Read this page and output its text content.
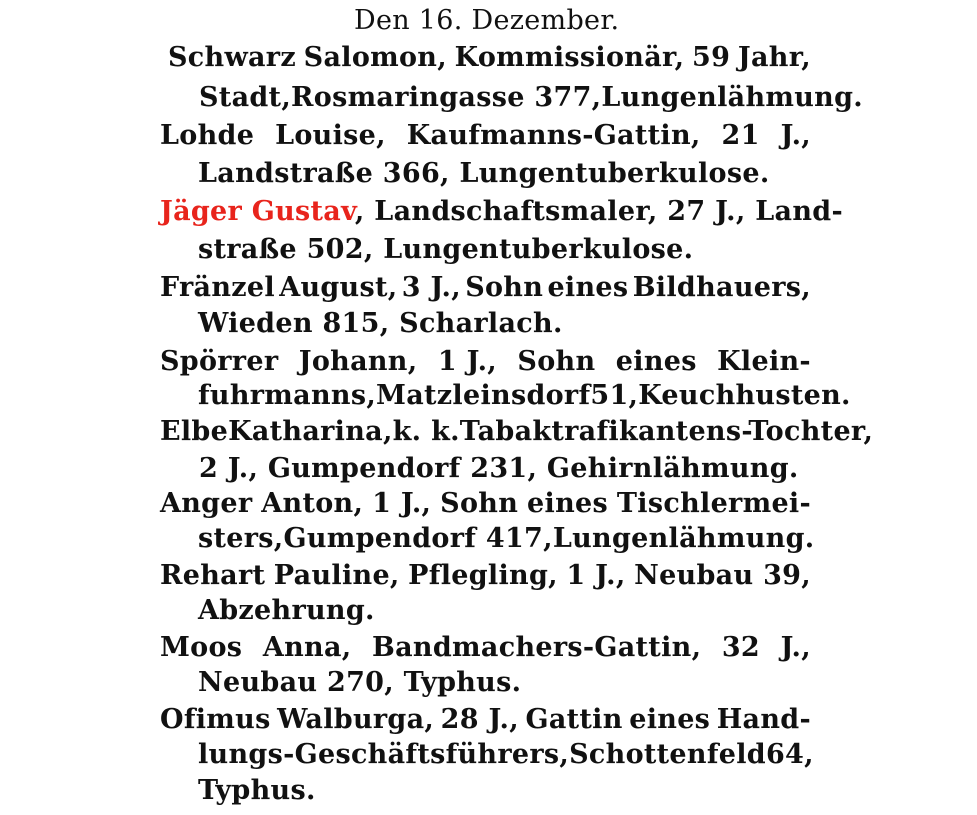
Den 16. Dezember.
Schwarz Salomon, Kommissionär, 59 Jahr,
Stadt, Rosmaringasse 377, Lungenlähmung.
Lohde Louise, Kaufmanns-Gattin, 21 J.,
Landstraße 366, Lungentuberkulose.
Jäger Gustav, Landschaftsmaler, 27 J., Land-
straße 502, Lungentuberkulose.
Fränzel August, 3 J., Sohn eines Bildhauers,
Wieden 815, Scharlach.
Spörrer Johann, 1 J., Sohn eines Klein-
fuhrmanns, Matzleinsdorf 51, Keuchhusten.
Elbe Katharina, k. k. Tabaktrafikantens-Tochter,
2 J., Gumpendorf 231, Gehirnlähmung.
Anger Anton, 1 J., Sohn eines Tischlermei-
sters, Gumpendorf 417, Lungenlähmung.
Rehart Pauline, Pflegling, 1 J., Neubau 39,
Abzehrung.
Moos Anna, Bandmachers-Gattin, 32 J.,
Neubau 270, Typhus.
Ofimus Walburga, 28 J., Gattin eines Hand-
lungs-Geschäftsführers, Schottenfeld 64,
Typhus.
